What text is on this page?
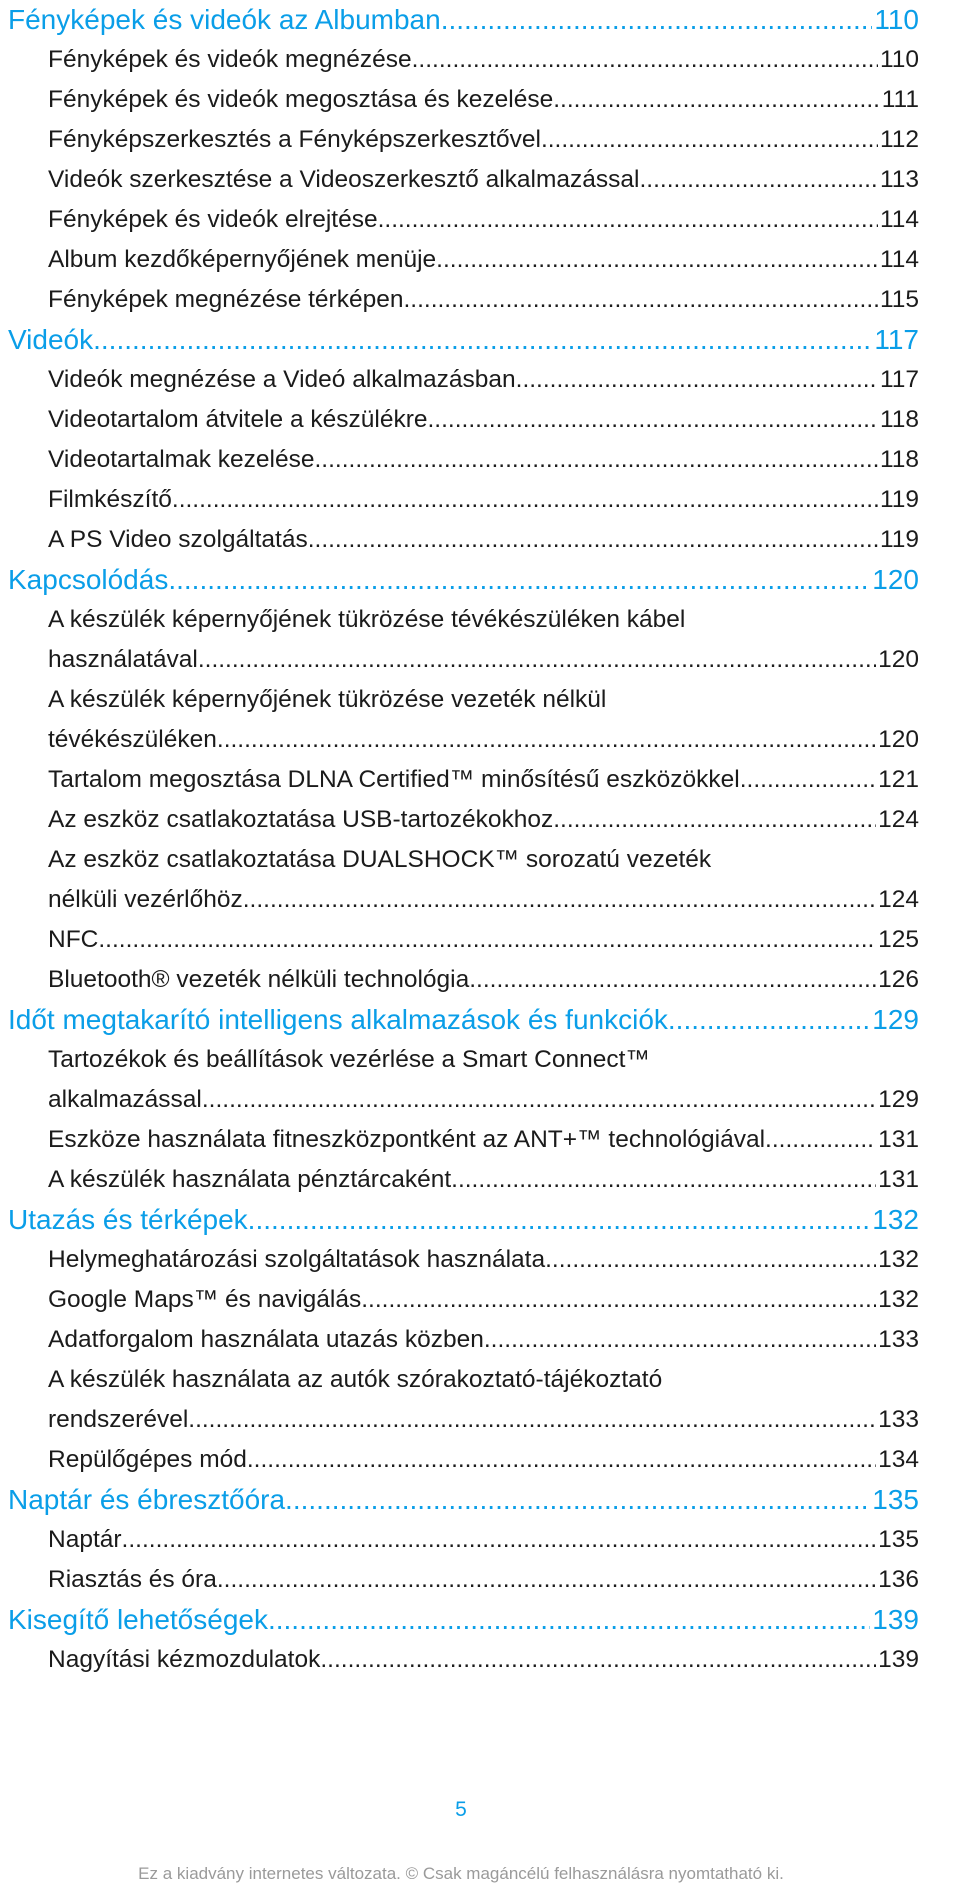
Fényképek és videók az Albumban .....	110
Fényképek és videók megnézése .....	110
Fényképek és videók megosztása és kezelése .....	111
Fényképszerkesztés a Fényképszerkesztővel .....	112
Videók szerkesztése a Videoszerkesztő alkalmazással .....	113
Fényképek és videók elrejtése .....	114
Album kezdőképernyőjének menüje .....	114
Fényképek megnézése térképen .....	115
Videók .....	117
Videók megnézése a Videó alkalmazásban .....	117
Videotartalom átvitele a készülékre .....	118
Videotartalmak kezelése .....	118
Filmkészítő .....	119
A PS Video szolgáltatás .....	119
Kapcsolódás .....	120
A készülék képernyőjének tükrözése tévékészüléken kábel
használatával .....	120
A készülék képernyőjének tükrözése vezeték nélkül
tévékészüléken .....	120
Tartalom megosztása DLNA Certified™ minősítésű eszközökkel .....	121
Az eszköz csatlakoztatása USB-tartozékokhoz .....	124
Az eszköz csatlakoztatása DUALSHOCK™ sorozatú vezeték
nélküli vezérlőhöz .....	124
NFC .....	125
Bluetooth® vezeték nélküli technológia .....	126
Időt megtakarító intelligens alkalmazások és funkciók .....	129
Tartozékok és beállítások vezérlése a Smart Connect™
alkalmazással .....	129
Eszköze használata fitneszközpontként az ANT+™ technológiával. .....	131
A készülék használata pénztárcaként .....	131
Utazás és térképek .....	132
Helymeghatározási szolgáltatások használata .....	132
Google Maps™ és navigálás .....	132
Adatforgalom használata utazás közben .....	133
A készülék használata az autók szórakoztató-tájékoztató
rendszerével .....	133
Repülőgépes mód .....	134
Naptár és ébresztőóra .....	135
Naptár .....	135
Riasztás és óra .....	136
Kisegítő lehetőségek .....	139
Nagyítási kézmozdulatok .....	139
5
Ez a kiadvány internetes változata. © Csak magáncélú felhasználásra nyomtatható ki.
